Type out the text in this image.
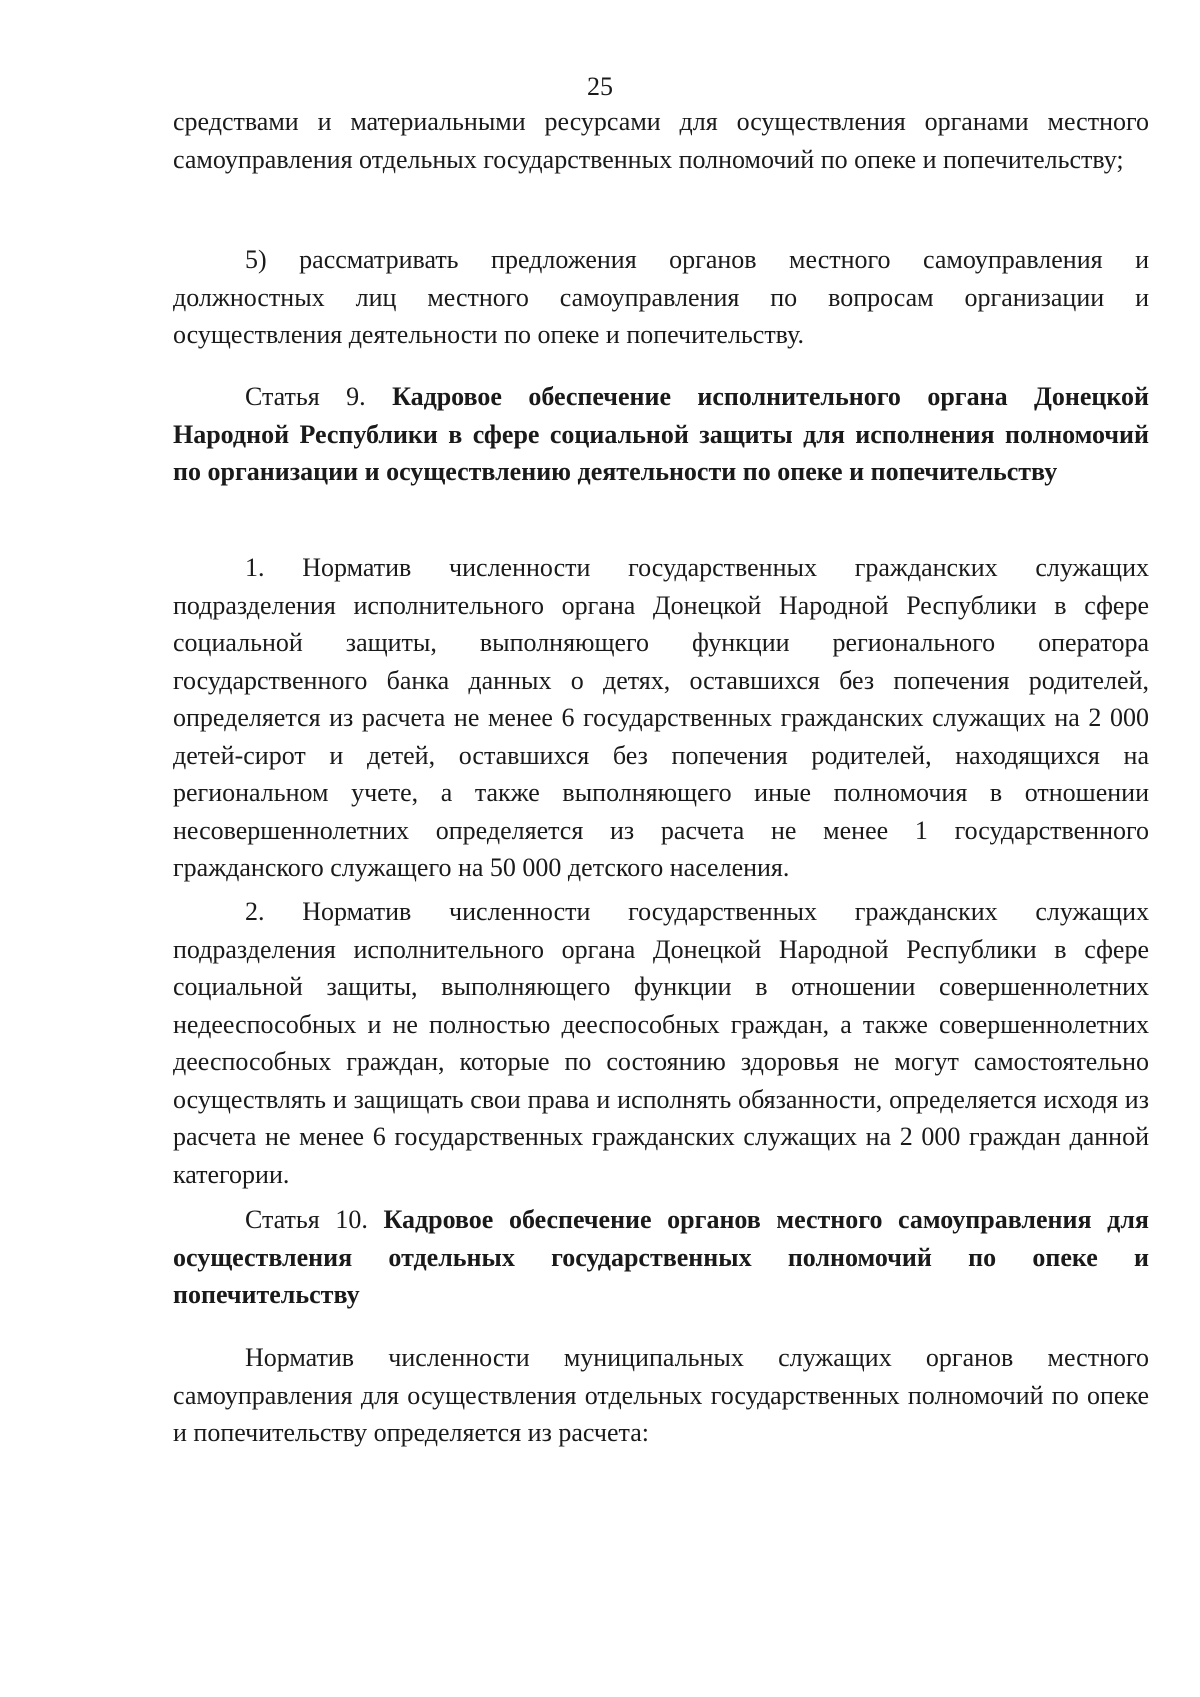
25

средствами и материальными ресурсами для осуществления органами местного самоуправления отдельных государственных полномочий по опеке и попечительству;

5) рассматривать предложения органов местного самоуправления и должностных лиц местного самоуправления по вопросам организации и осуществления деятельности по опеке и попечительству.

Статья 9. Кадровое обеспечение исполнительного органа Донецкой Народной Республики в сфере социальной защиты для исполнения полномочий по организации и осуществлению деятельности по опеке и попечительству

1. Норматив численности государственных гражданских служащих подразделения исполнительного органа Донецкой Народной Республики в сфере социальной защиты, выполняющего функции регионального оператора государственного банка данных о детях, оставшихся без попечения родителей, определяется из расчета не менее 6 государственных гражданских служащих на 2 000 детей-сирот и детей, оставшихся без попечения родителей, находящихся на региональном учете, а также выполняющего иные полномочия в отношении несовершеннолетних определяется из расчета не менее 1 государственного гражданского служащего на 50 000 детского населения.

2. Норматив численности государственных гражданских служащих подразделения исполнительного органа Донецкой Народной Республики в сфере социальной защиты, выполняющего функции в отношении совершеннолетних недееспособных и не полностью дееспособных граждан, а также совершеннолетних дееспособных граждан, которые по состоянию здоровья не могут самостоятельно осуществлять и защищать свои права и исполнять обязанности, определяется исходя из расчета не менее 6 государственных гражданских служащих на 2 000 граждан данной категории.

Статья 10. Кадровое обеспечение органов местного самоуправления для осуществления отдельных государственных полномочий по опеке и попечительству

Норматив численности муниципальных служащих органов местного самоуправления для осуществления отдельных государственных полномочий по опеке и попечительству определяется из расчета:
